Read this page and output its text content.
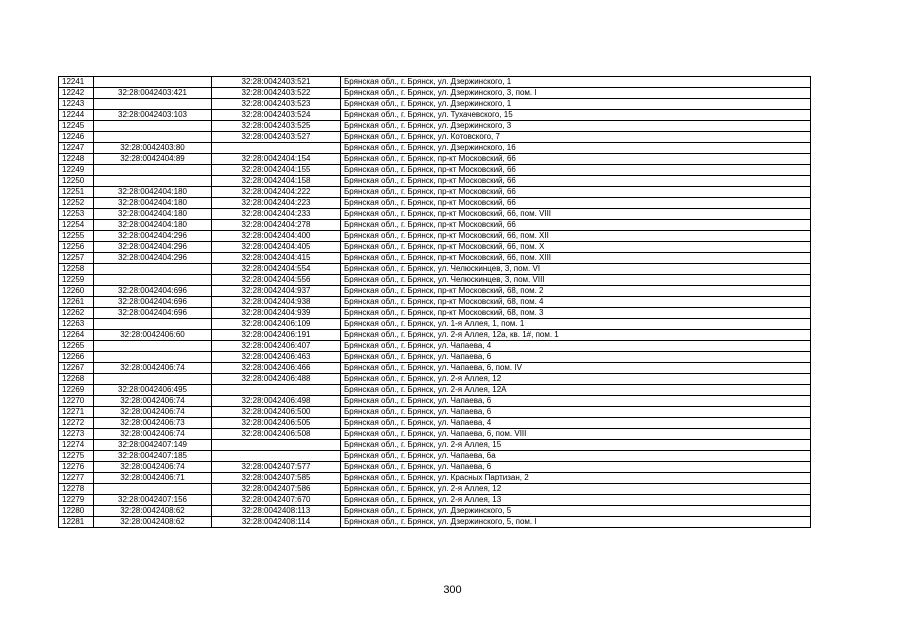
12241		32:28:0042403:521	Брянская обл., г. Брянск, ул. Дзержинского, 1
12242	32:28:0042403:421	32:28:0042403:522	Брянская обл., г. Брянск, ул. Дзержинского, 3, пом. I
12243		32:28:0042403:523	Брянская обл., г. Брянск, ул. Дзержинского, 1
12244	32:28:0042403:103	32:28:0042403:524	Брянская обл., г. Брянск, ул. Тухачевского, 15
12245		32:28:0042403:525	Брянская обл., г. Брянск, ул. Дзержинского, 3
12246		32:28:0042403:527	Брянская обл., г. Брянск, ул. Котовского, 7
12247	32:28:0042403:80		Брянская обл., г. Брянск, ул. Дзержинского, 16
12248	32:28:0042404:89	32:28:0042404:154	Брянская обл., г. Брянск, пр-кт Московский, 66
12249		32:28:0042404:155	Брянская обл., г. Брянск, пр-кт Московский, 66
12250		32:28:0042404:158	Брянская обл., г. Брянск, пр-кт Московский, 66
12251	32:28:0042404:180	32:28:0042404:222	Брянская обл., г. Брянск, пр-кт Московский, 66
12252	32:28:0042404:180	32:28:0042404:223	Брянская обл., г. Брянск, пр-кт Московский, 66
12253	32:28:0042404:180	32:28:0042404:233	Брянская обл., г. Брянск, пр-кт Московский, 66, пом. VIII
12254	32:28:0042404:180	32:28:0042404:278	Брянская обл., г. Брянск, пр-кт Московский, 66
12255	32:28:0042404:296	32:28:0042404:400	Брянская обл., г. Брянск, пр-кт Московский, 66, пом. XII
12256	32:28:0042404:296	32:28:0042404:405	Брянская обл., г. Брянск, пр-кт Московский, 66, пом. X
12257	32:28:0042404:296	32:28:0042404:415	Брянская обл., г. Брянск, пр-кт Московский, 66, пом. XIII
12258		32:28:0042404:554	Брянская обл., г. Брянск, ул. Челюскинцев, 3, пом. VI
12259		32:28:0042404:556	Брянская обл., г. Брянск, ул. Челюскинцев, 3, пом. VIII
12260	32:28:0042404:696	32:28:0042404:937	Брянская обл., г. Брянск, пр-кт Московский, 68, пом. 2
12261	32:28:0042404:696	32:28:0042404:938	Брянская обл., г. Брянск, пр-кт Московский, 68, пом. 4
12262	32:28:0042404:696	32:28:0042404:939	Брянская обл., г. Брянск, пр-кт Московский, 68, пом. 3
12263		32:28:0042406:109	Брянская обл., г. Брянск, ул. 1-я Аллея, 1, пом. 1
12264	32:28:0042406:60	32:28:0042406:191	Брянская обл., г. Брянск, ул. 2-я Аллея, 12а, кв. 1#, пом. 1
12265		32:28:0042406:407	Брянская обл., г. Брянск, ул. Чапаева, 4
12266		32:28:0042406:463	Брянская обл., г. Брянск, ул. Чапаева, 6
12267	32:28:0042406:74	32:28:0042406:466	Брянская обл., г. Брянск, ул. Чапаева, 6, пом. IV
12268		32:28:0042406:488	Брянская обл., г. Брянск, ул. 2-я Аллея, 12
12269	32:28:0042406:495		Брянская обл., г. Брянск, ул. 2-я Аллея, 12А
12270	32:28:0042406:74	32:28:0042406:498	Брянская обл., г. Брянск, ул. Чапаева, 6
12271	32:28:0042406:74	32:28:0042406:500	Брянская обл., г. Брянск, ул. Чапаева, 6
12272	32:28:0042406:73	32:28:0042406:505	Брянская обл., г. Брянск, ул. Чапаева, 4
12273	32:28:0042406:74	32:28:0042406:508	Брянская обл., г. Брянск, ул. Чапаева, 6, пом. VIII
12274	32:28:0042407:149		Брянская обл., г. Брянск, ул. 2-я Аллея, 15
12275	32:28:0042407:185		Брянская обл., г. Брянск, ул. Чапаева, 6а
12276	32:28:0042406:74	32:28:0042407:577	Брянская обл., г. Брянск, ул. Чапаева, 6
12277	32:28:0042406:71	32:28:0042407:585	Брянская обл., г. Брянск, ул. Красных Партизан, 2
12278		32:28:0042407:586	Брянская обл., г. Брянск, ул. 2-я Аллея, 12
12279	32:28:0042407:156	32:28:0042407:670	Брянская обл., г. Брянск, ул. 2-я Аллея, 13
12280	32:28:0042408:62	32:28:0042408:113	Брянская обл., г. Брянск, ул. Дзержинского, 5
12281	32:28:0042408:62	32:28:0042408:114	Брянская обл., г. Брянск, ул. Дзержинского, 5, пом. I
300
